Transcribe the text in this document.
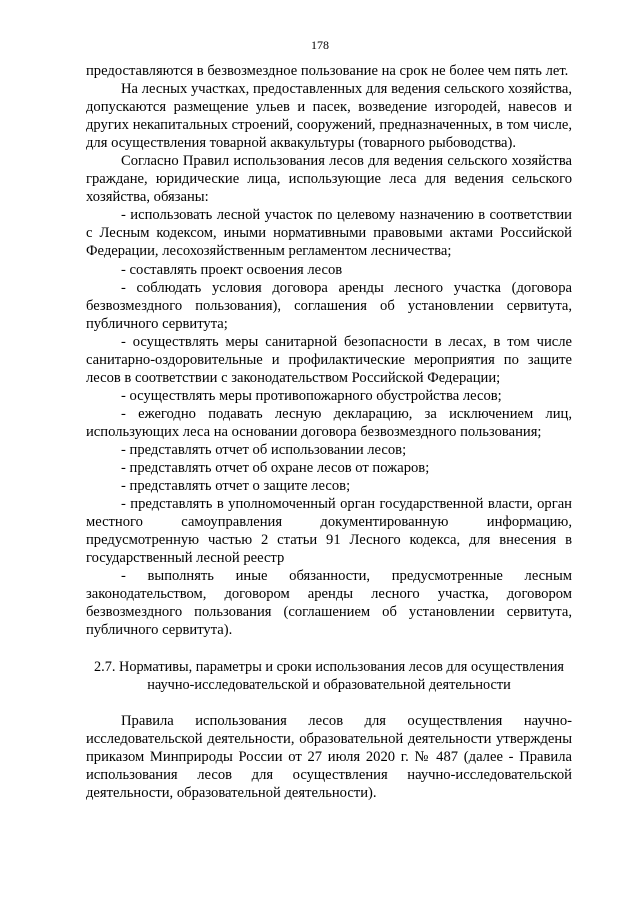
178

предоставляются в безвозмездное пользование на срок не более чем пять лет.

На лесных участках, предоставленных для ведения сельского хозяйства, допускаются размещение ульев и пасек, возведение изгородей, навесов и других некапитальных строений, сооружений, предназначенных, в том числе, для осуществления товарной аквакультуры (товарного рыбоводства).

Согласно Правил использования лесов для ведения сельского хозяйства граждане, юридические лица, использующие леса для ведения сельского хозяйства, обязаны:

- использовать лесной участок по целевому назначению в соответствии с Лесным кодексом, иными нормативными правовыми актами Российской Федерации, лесохозяйственным регламентом лесничества;

- составлять проект освоения лесов

- соблюдать условия договора аренды лесного участка (договора безвозмездного пользования), соглашения об установлении сервитута, публичного сервитута;

- осуществлять меры санитарной безопасности в лесах, в том числе санитарно-оздоровительные и профилактические мероприятия по защите лесов в соответствии с законодательством Российской Федерации;

- осуществлять меры противопожарного обустройства лесов;

- ежегодно подавать лесную декларацию, за исключением лиц, использующих леса на основании договора безвозмездного пользования;

- представлять отчет об использовании лесов;

- представлять отчет об охране лесов от пожаров;

- представлять отчет о защите лесов;

- представлять в уполномоченный орган государственной власти, орган местного самоуправления документированную информацию, предусмотренную частью 2 статьи 91 Лесного кодекса, для внесения в государственный лесной реестр

- выполнять иные обязанности, предусмотренные лесным законодательством, договором аренды лесного участка, договором безвозмездного пользования (соглашением об установлении сервитута, публичного сервитута).

2.7. Нормативы, параметры и сроки использования лесов для осуществления научно-исследовательской и образовательной деятельности

Правила использования лесов для осуществления научно-исследовательской деятельности, образовательной деятельности утверждены приказом Минприроды России от 27 июля 2020 г. № 487 (далее - Правила использования лесов для осуществления научно-исследовательской деятельности, образовательной деятельности).
